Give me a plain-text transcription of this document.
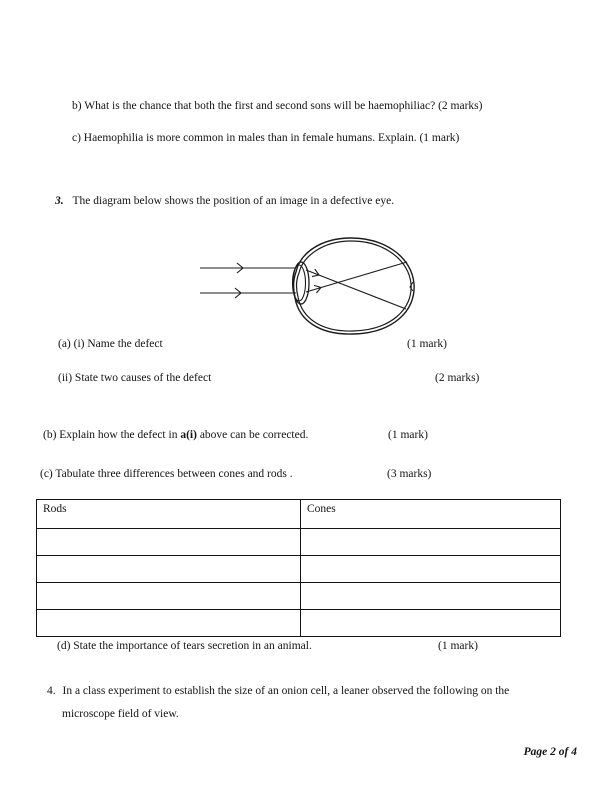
b) What is the chance that both the first and second sons will be haemophiliac? (2 marks)
c) Haemophilia is more common in males than in female humans. Explain. (1 mark)
3. The diagram below shows the position of an image in a defective eye.
(a) (i) Name the defect	(1 mark)
(ii) State two causes of the defect	(2 marks)
(b) Explain how the defect in a(i) above can be corrected.	(1 mark)
(c) Tabulate three differences between cones and rods .	(3 marks)
Rods	Cones

(d) State the importance of tears secretion in an animal.	(1 mark)
4. In a class experiment to establish the size of an onion cell, a leaner observed the following on the
microscope field of view.
Page 2 of 4
